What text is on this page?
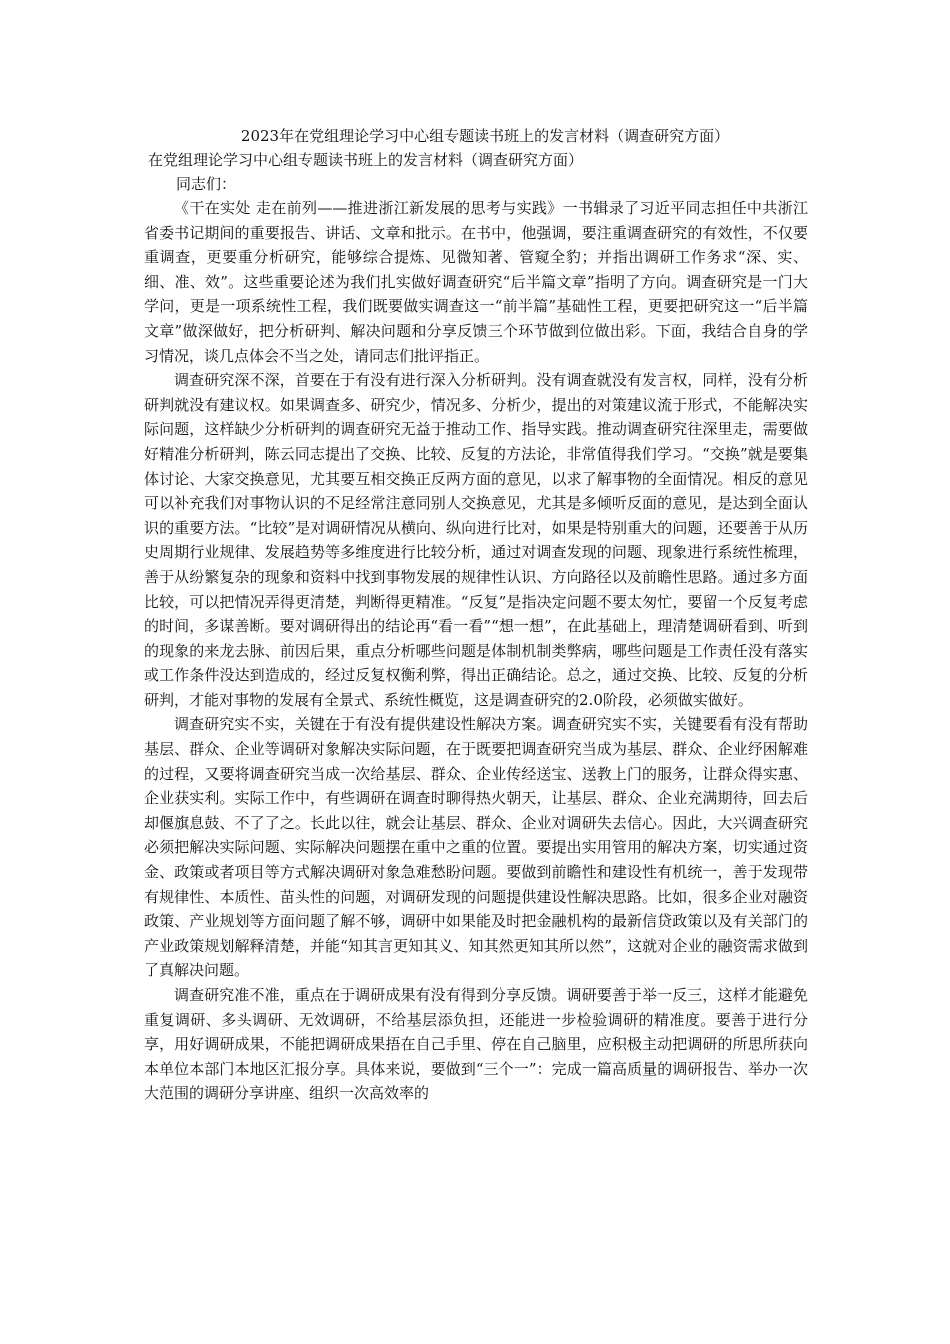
2023年在党组理论学习中心组专题读书班上的发言材料（调查研究方面）

在党组理论学习中心组专题读书班上的发言材料（调查研究方面）

同志们：

《干在实处 走在前列——推进浙江新发展的思考与实践》一书辑录了习近平同志担任中共浙江省委书记期间的重要报告、讲话、文章和批示。在书中，他强调，要注重调查研究的有效性，不仅要重调查，更要重分析研究，能够综合提炼、见微知著、管窥全豹；并指出调研工作务求“深、实、细、准、效”。这些重要论述为我们扎实做好调查研究“后半篇文章”指明了方向。调查研究是一门大学问，更是一项系统性工程，我们既要做实调查这一“前半篇”基础性工程，更要把研究这一“后半篇文章”做深做好，把分析研判、解决问题和分享反馈三个环节做到位做出彩。下面，我结合自身的学习情况，谈几点体会不当之处，请同志们批评指正。

调查研究深不深，首要在于有没有进行深入分析研判。没有调查就没有发言权，同样，没有分析研判就没有建议权。如果调查多、研究少，情况多、分析少，提出的对策建议流于形式，不能解决实际问题，这样缺少分析研判的调查研究无益于推动工作、指导实践。推动调查研究往深里走，需要做好精准分析研判，陈云同志提出了交换、比较、反复的方法论，非常值得我们学习。“交换”就是要集体讨论、大家交换意见，尤其要互相交换正反两方面的意见，以求了解事物的全面情况。相反的意见可以补充我们对事物认识的不足经常注意同别人交换意见，尤其是多倾听反面的意见，是达到全面认识的重要方法。“比较”是对调研情况从横向、纵向进行比对，如果是特别重大的问题，还要善于从历史周期行业规律、发展趋势等多维度进行比较分析，通过对调查发现的问题、现象进行系统性梳理，善于从纷繁复杂的现象和资料中找到事物发展的规律性认识、方向路径以及前瞻性思路。通过多方面比较，可以把情况弄得更清楚，判断得更精准。“反复”是指决定问题不要太匆忙，要留一个反复考虑的时间，多谋善断。要对调研得出的结论再“看一看”“想一想”，在此基础上，理清楚调研看到、听到的现象的来龙去脉、前因后果，重点分析哪些问题是体制机制类弊病，哪些问题是工作责任没有落实或工作条件没达到造成的，经过反复权衡利弊，得出正确结论。总之，通过交换、比较、反复的分析研判，才能对事物的发展有全景式、系统性概览，这是调查研究的2.0阶段，必须做实做好。

调查研究实不实，关键在于有没有提供建设性解决方案。调查研究实不实，关键要看有没有帮助基层、群众、企业等调研对象解决实际问题，在于既要把调查研究当成为基层、群众、企业纾困解难的过程，又要将调查研究当成一次给基层、群众、企业传经送宝、送教上门的服务，让群众得实惠、企业获实利。实际工作中，有些调研在调查时聊得热火朝天，让基层、群众、企业充满期待，回去后却偃旗息鼓、不了了之。长此以往，就会让基层、群众、企业对调研失去信心。因此，大兴调查研究必须把解决实际问题、实际解决问题摆在重中之重的位置。要提出实用管用的解决方案，切实通过资金、政策或者项目等方式解决调研对象急难愁盼问题。要做到前瞻性和建设性有机统一，善于发现带有规律性、本质性、苗头性的问题，对调研发现的问题提供建设性解决思路。比如，很多企业对融资政策、产业规划等方面问题了解不够，调研中如果能及时把金融机构的最新信贷政策以及有关部门的产业政策规划解释清楚，并能“知其言更知其义、知其然更知其所以然”，这就对企业的融资需求做到了真解决问题。

调查研究准不准，重点在于调研成果有没有得到分享反馈。调研要善于举一反三，这样才能避免重复调研、多头调研、无效调研，不给基层添负担，还能进一步检验调研的精准度。要善于进行分享，用好调研成果，不能把调研成果捂在自己手里、停在自己脑里，应积极主动把调研的所思所获向本单位本部门本地区汇报分享。具体来说，要做到“三个一”：完成一篇高质量的调研报告、举办一次大范围的调研分享讲座、组织一次高效率的
